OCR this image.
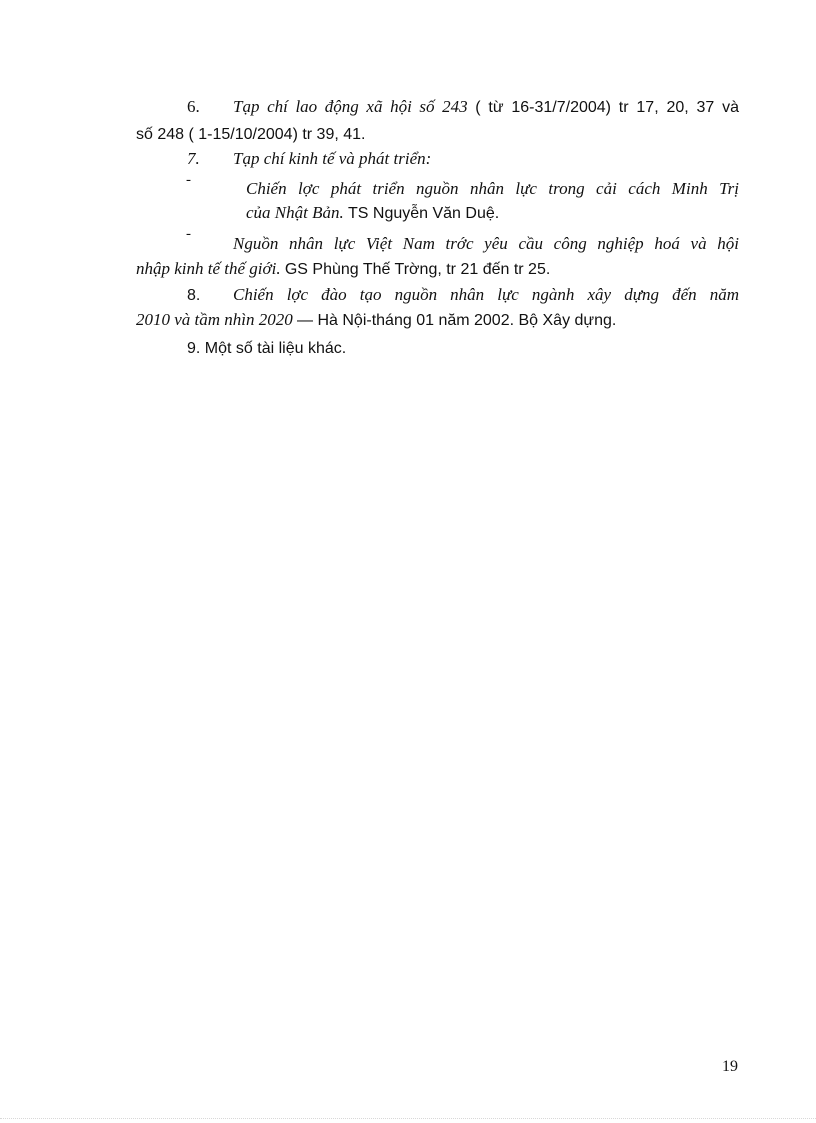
6. Tạp chí lao động xã hội số 243 ( từ 16-31/7/2004) tr 17, 20, 37 và
số 248 ( 1-15/10/2004) tr 39, 41.
7. Tạp chí kinh tế và phát triển:
-	Chiến lợc phát triển nguồn nhân lực trong cải cách Minh Trị
của Nhật Bản. TS Nguyễn Văn Duệ.
- Nguồn nhân lực Việt Nam trớc yêu cầu công nghiệp hoá và hội
nhập kinh tế thế giới. GS Phùng Thế Trờng, tr 21 đến tr 25.
8. Chiến lợc đào tạo nguồn nhân lực ngành xây dựng đến năm
2010 và tầm nhìn 2020 — Hà Nội-tháng 01 năm 2002. Bộ Xây dựng.
9. Một số tài liệu khác.
19
